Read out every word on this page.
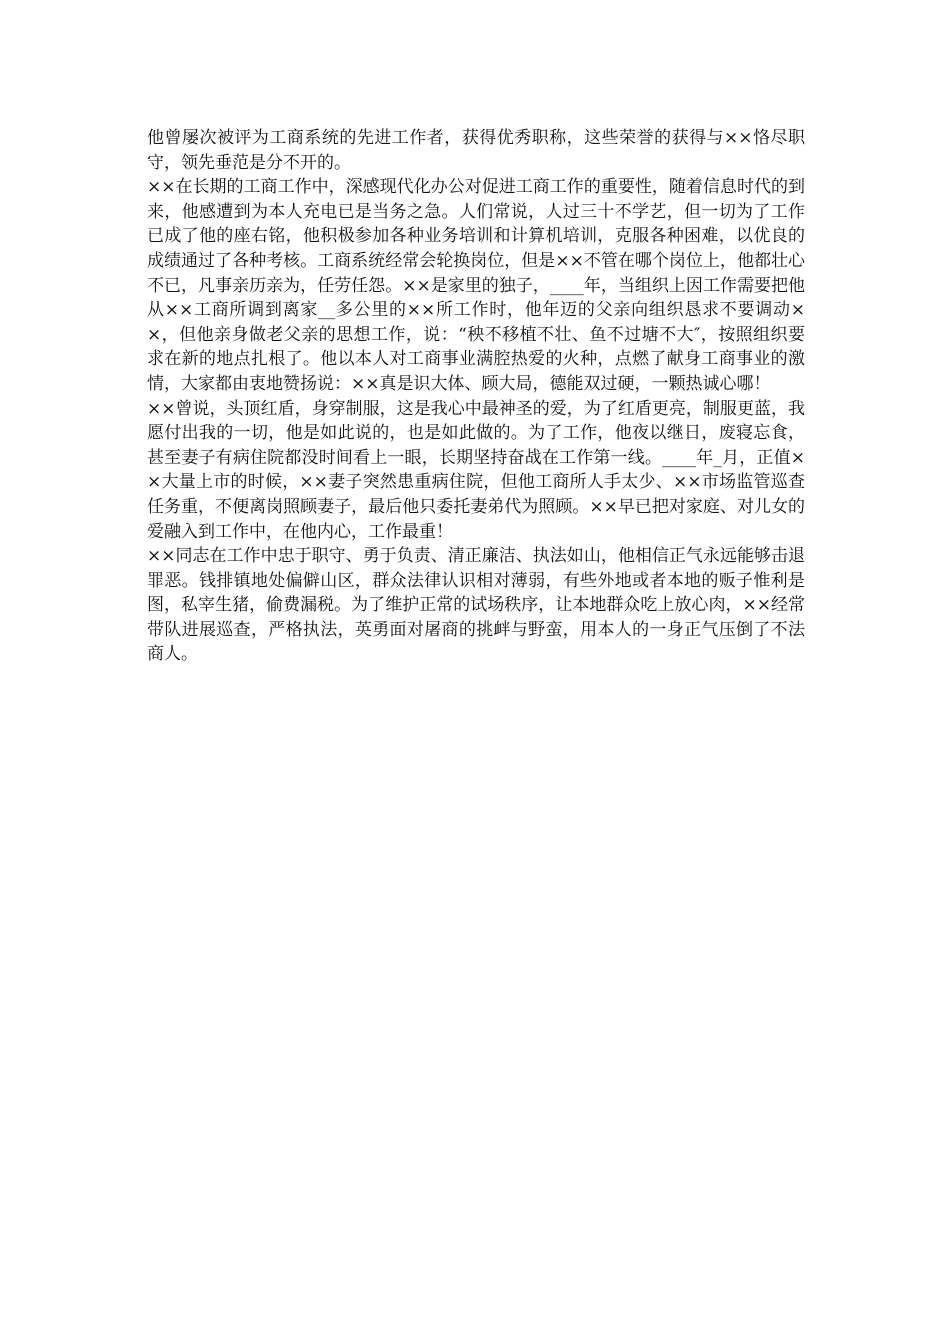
他曾屡次被评为工商系统的先进工作者，获得优秀职称，这些荣誉的获得与××恪尽职守，领先垂范是分不开的。

××在长期的工商工作中，深感现代化办公对促进工商工作的重要性，随着信息时代的到来，他感遭到为本人充电已是当务之急。人们常说，人过三十不学艺，但一切为了工作已成了他的座右铭，他积极参加各种业务培训和计算机培训，克服各种困难，以优良的成绩通过了各种考核。工商系统经常会轮换岗位，但是××不管在哪个岗位上，他都壮心不已，凡事亲历亲为，任劳任怨。××是家里的独子，____年，当组织上因工作需要把他从××工商所调到离家__多公里的××所工作时，他年迈的父亲向组织恳求不要调动××，但他亲身做老父亲的思想工作，说：“秧不移植不壮、鱼不过塘不大″，按照组织要求在新的地点扎根了。他以本人对工商事业满腔热爱的火种，点燃了献身工商事业的激情，大家都由衷地赞扬说：××真是识大体、顾大局，德能双过硬，一颗热诚心哪！

××曾说，头顶红盾，身穿制服，这是我心中最神圣的爱，为了红盾更亮，制服更蓝，我愿付出我的一切，他是如此说的，也是如此做的。为了工作，他夜以继日，废寝忘食，甚至妻子有病住院都没时间看上一眼，长期坚持奋战在工作第一线。____年_月，正值××大量上市的时候，××妻子突然患重病住院，但他工商所人手太少、××市场监管巡查任务重，不便离岗照顾妻子，最后他只委托妻弟代为照顾。××早已把对家庭、对儿女的爱融入到工作中，在他内心，工作最重！

××同志在工作中忠于职守、勇于负责、清正廉洁、执法如山，他相信正气永远能够击退罪恶。钱排镇地处偏僻山区，群众法律认识相对薄弱，有些外地或者本地的贩子惟利是图，私宰生猪，偷费漏税。为了维护正常的试场秩序，让本地群众吃上放心肉，××经常带队进展巡查，严格执法，英勇面对屠商的挑衅与野蛮，用本人的一身正气压倒了不法商人。
